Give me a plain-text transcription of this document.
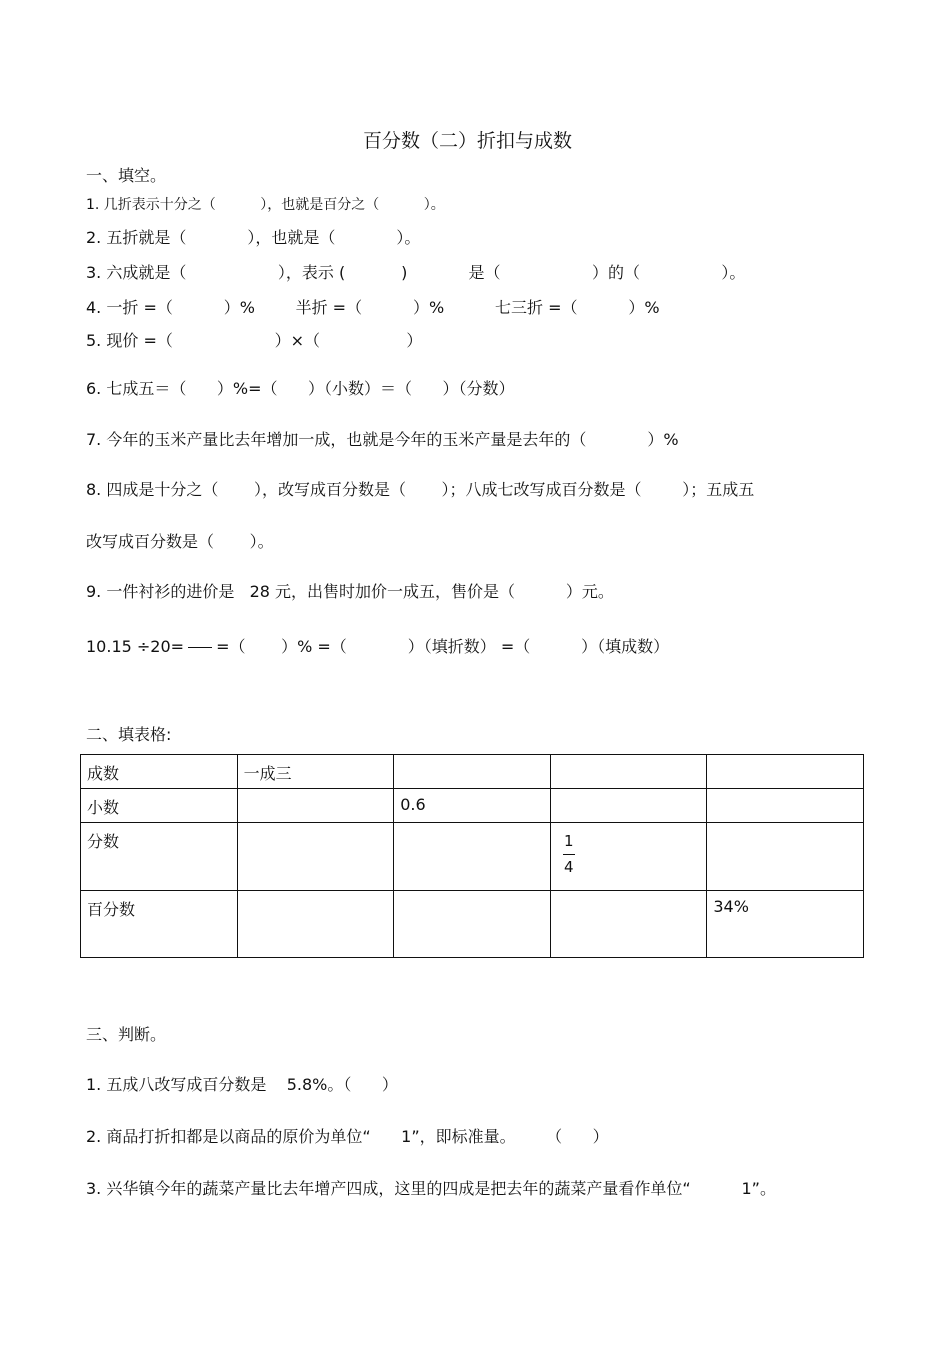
百分数（二）折扣与成数
一、填空。
1. 几折表示十分之（          ），也就是百分之（          ）。
2. 五折就是（            ），也就是（            ）。
3. 六成就是（                  ），表示 (           )            是（                  ）的（                ）。
4. 一折 =（          ）%        半折 =（          ）%          七三折 =（          ）%
5. 现价 =（                    ）×（                 ）
6. 七成五＝（      ）%=（      ）（小数）＝（      ）（分数）
7. 今年的玉米产量比去年增加一成，也就是今年的玉米产量是去年的（            ）%
8. 四成是十分之（       ），改写成百分数是（       ）；八成七改写成百分数是（        ）；五成五
改写成百分数是（       ）。
9. 一件衬衫的进价是   28 元，出售时加价一成五，售价是（          ）元。
10.15 ÷20= =（       ）% =（            ）（填折数） =（          ）（填成数）
二、填表格:
成数	一成三			
小数		0.6		
分数			$\frac{1}{4}$

百分数				34%
三、判断。
1. 五成八改写成百分数是    5.8%。（      ）
2. 商品打折扣都是以商品的原价为单位“      1”，即标准量。      （      ）
3. 兴华镇今年的蔬菜产量比去年增产四成，这里的四成是把去年的蔬菜产量看作单位“          1”。
